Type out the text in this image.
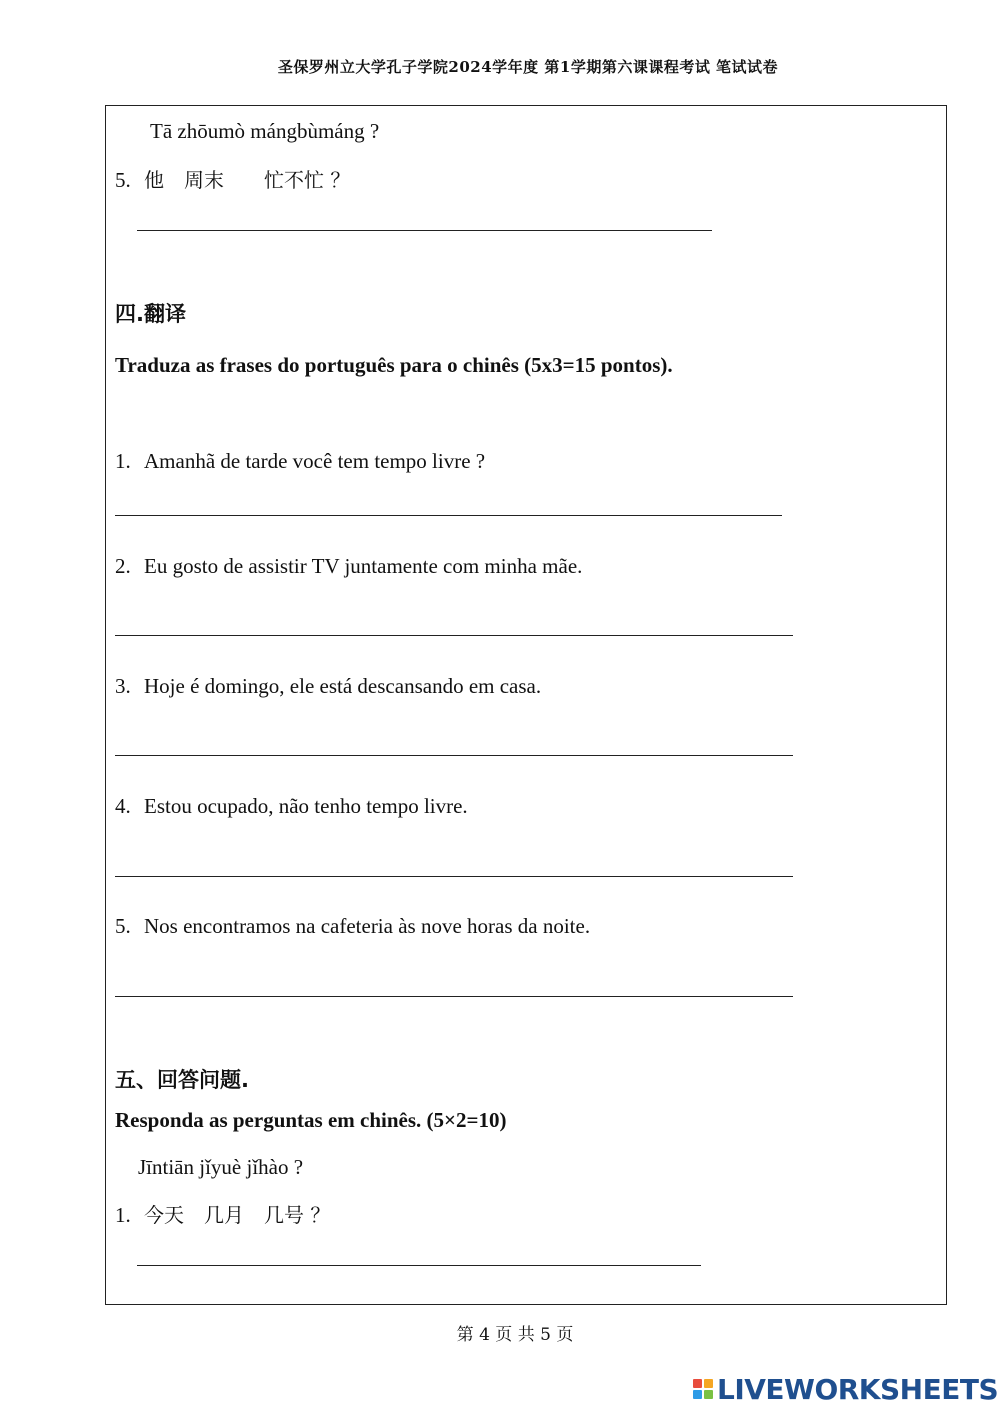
圣保罗州立大学孔子学院2024学年度 第1学期第六课课程考试 笔试试卷
Tā zhōumò mángbùmáng ?
5. 他　周末　　忙不忙 ？
四.翻译
Traduza as frases do português para o chinês (5x3=15 pontos).
1. Amanhã de tarde você tem tempo livre ?
2. Eu gosto de assistir TV juntamente com minha mãe.
3. Hoje é domingo, ele está descansando em casa.
4. Estou ocupado, não tenho tempo livre.
5. Nos encontramos na cafeteria às nove horas da noite.
五、回答问题.
Responda as perguntas em chinês. (5×2=10)
Jīntiān jǐyuè jǐhào ?
1. 今天　几月　几号 ？
第 4 页 共 5 页
LIVEWORKSHEETS
